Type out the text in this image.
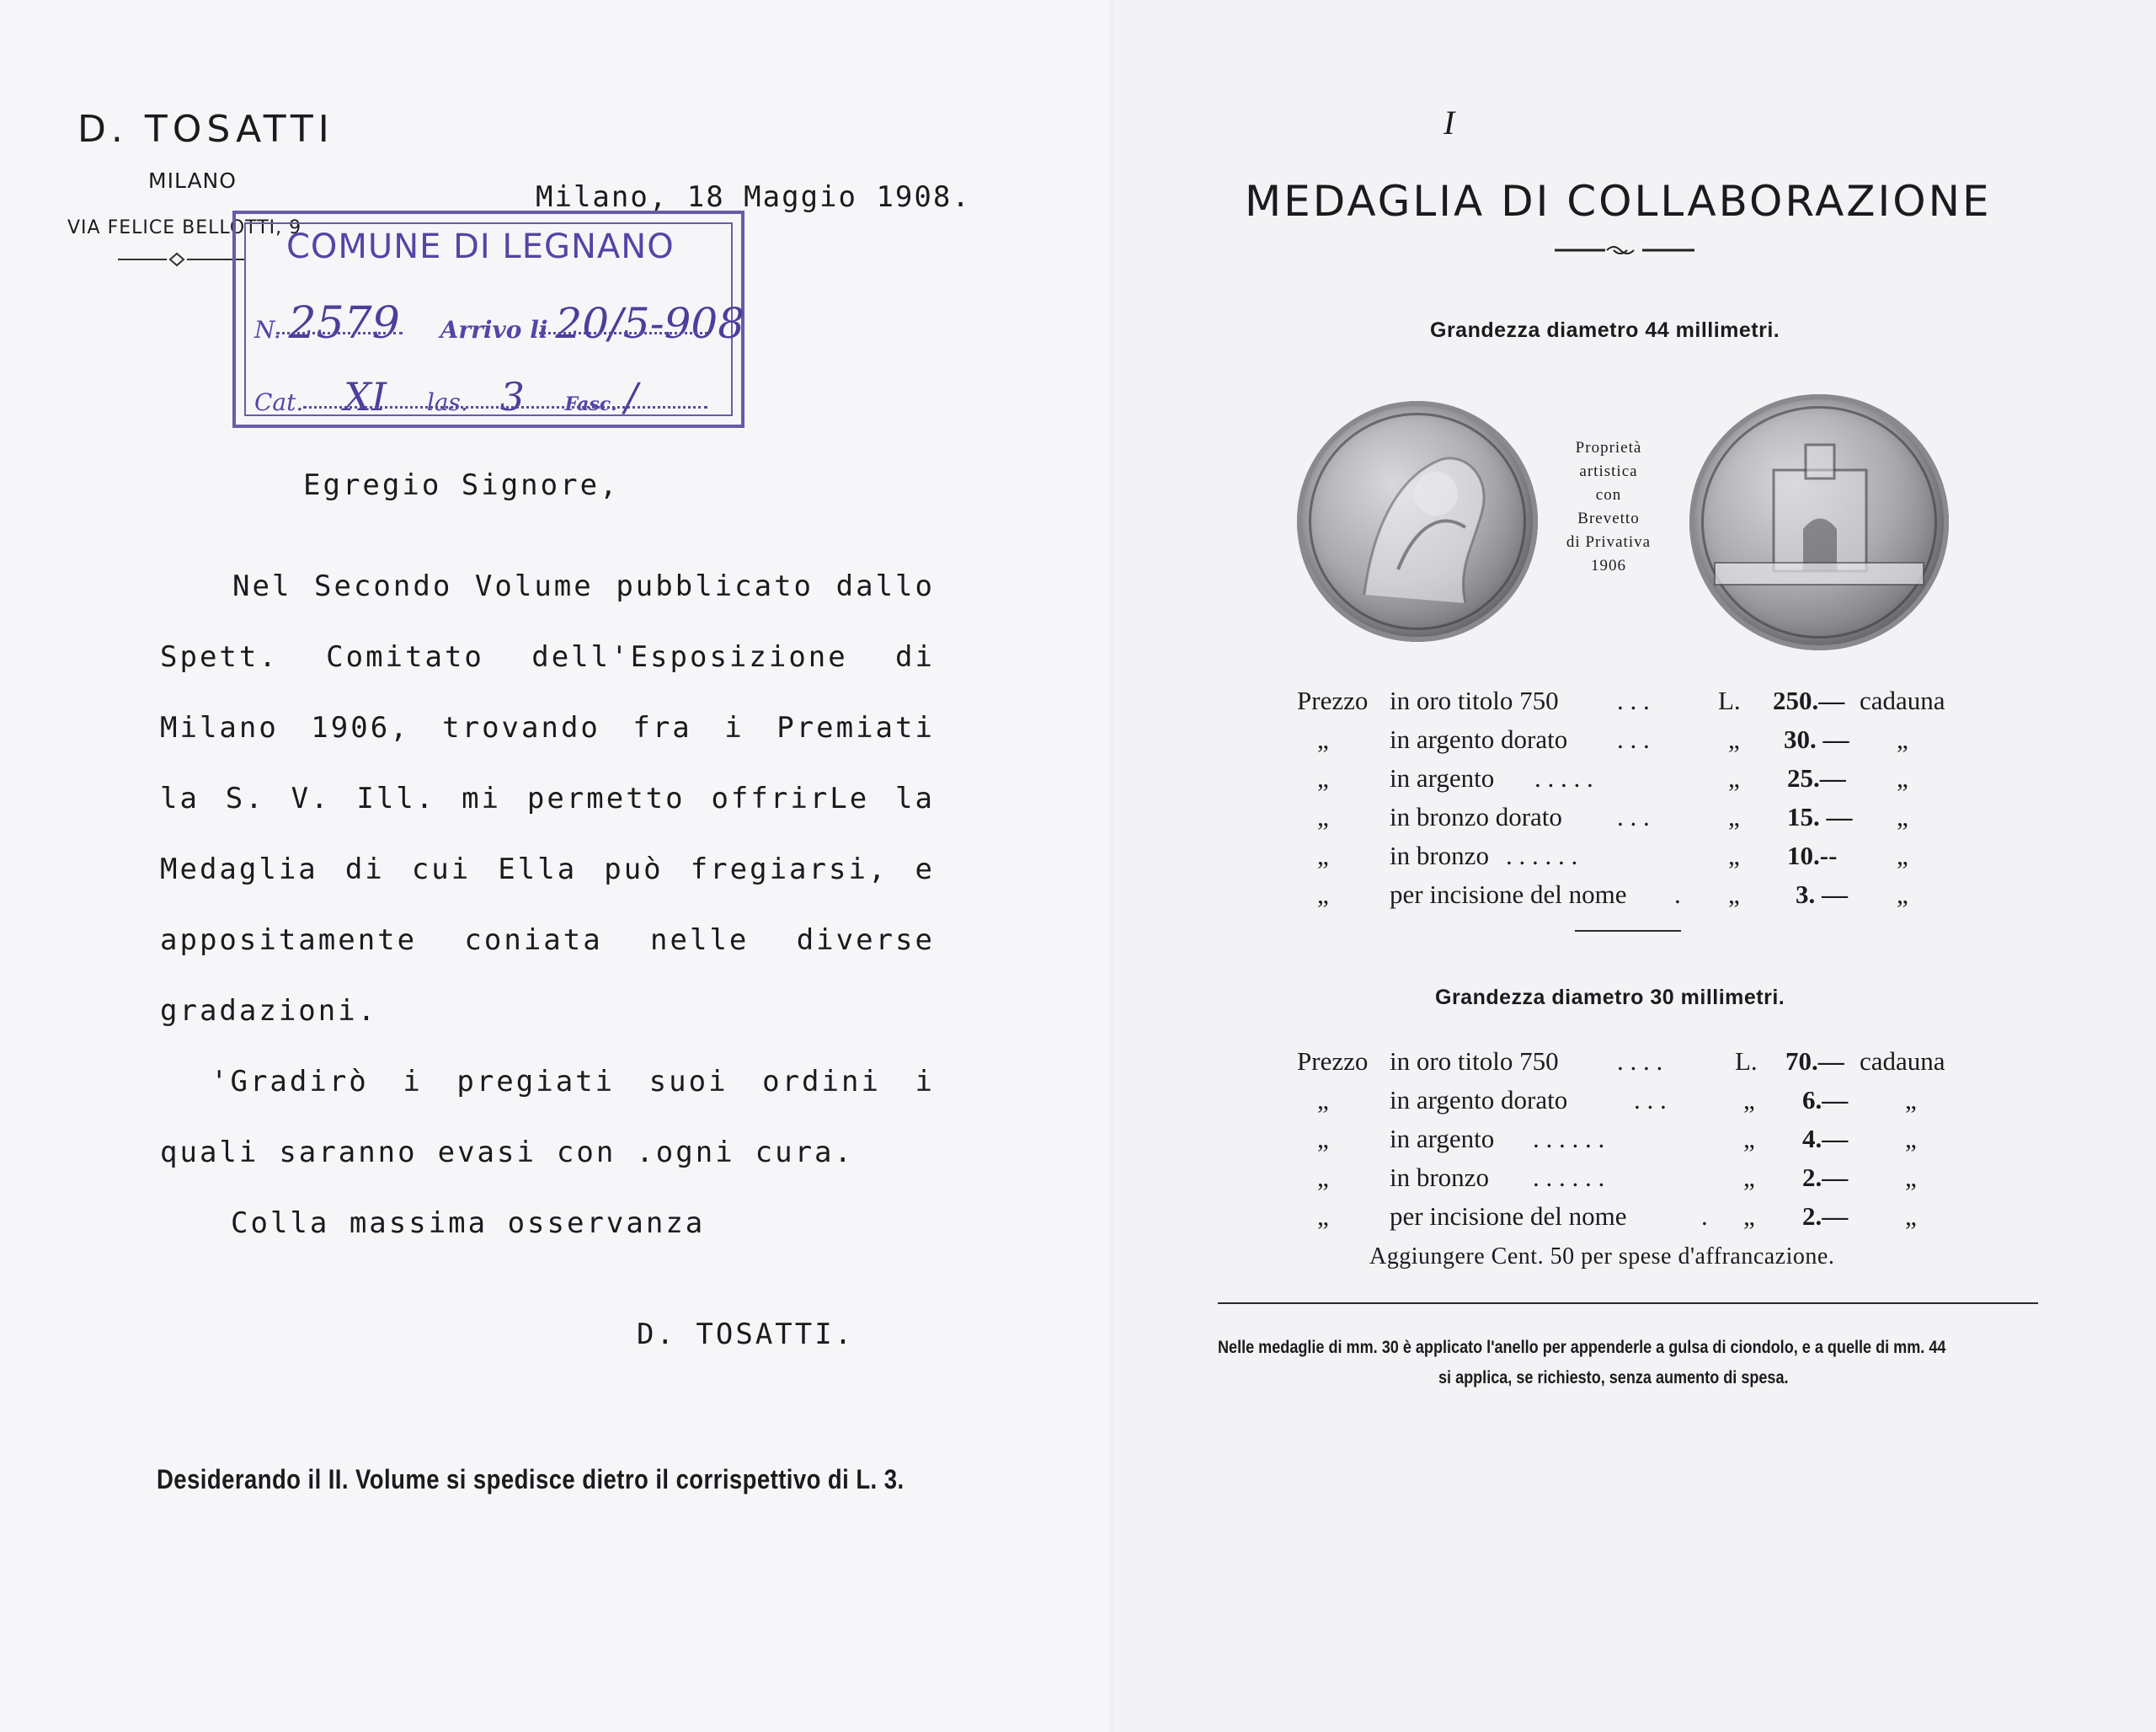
D. TOSATTI
MILANO
VIA FELICE BELLOTTI, 9
Milano, 18 Maggio 1908.
COMUNE DI LEGNANO
N. 2579 Arrivo li 20/5-908
Cat. XI las. 3 Fasc. /
Egregio Signore,
Nel Secondo Volume pubblicato dallo
Spett. Comitato dell'Esposizione di
Milano 1906, trovando fra i Premiati
la S. V. Ill. mi permetto offrirLe la
Medaglia di cui Ella può fregiarsi, e
appositamente coniata nelle diverse
gradazioni.
'Gradirò i pregiati suoi ordini i
quali saranno evasi con .ogni cura.
Colla massima osservanza
D. TOSATTI.
Desiderando il II. Volume si spedisce dietro il corrispettivo di L. 3.
I
MEDAGLIA DI COLLABORAZIONE
Grandezza diametro 44 millimetri.
Proprietà
artistica
con
Brevetto
di Privativa
1906
Prezzo in oro titolo 750 . . .	L. 250.— cadauna
„ in argento dorato . . .	„ 30. — „
„ in argento . . . . .	„ 25.— „
„ in bronzo dorato . . .	„ 15. — „
„ in bronzo . . . . . .	„ 10.-- „
„ per incisione del nome . „ 3. — „
Grandezza diametro 30 millimetri.
Prezzo in oro titolo 750 . . . .	L. 70.— cadauna
„ in argento dorato	. . .	„ 6.— „
„ in argento . . . . . .	„ 4.— „
„ in bronzo . . . . . .	„ 2.— „
„ per incisione del nome	. „ 2.— „
Aggiungere Cent. 50 per spese d'affrancazione.
Nelle medaglie di mm. 30 è applicato l'anello per appenderle a gulsa di ciondolo, e a quelle di mm. 44
si applica, se richiesto, senza aumento di spesa.
